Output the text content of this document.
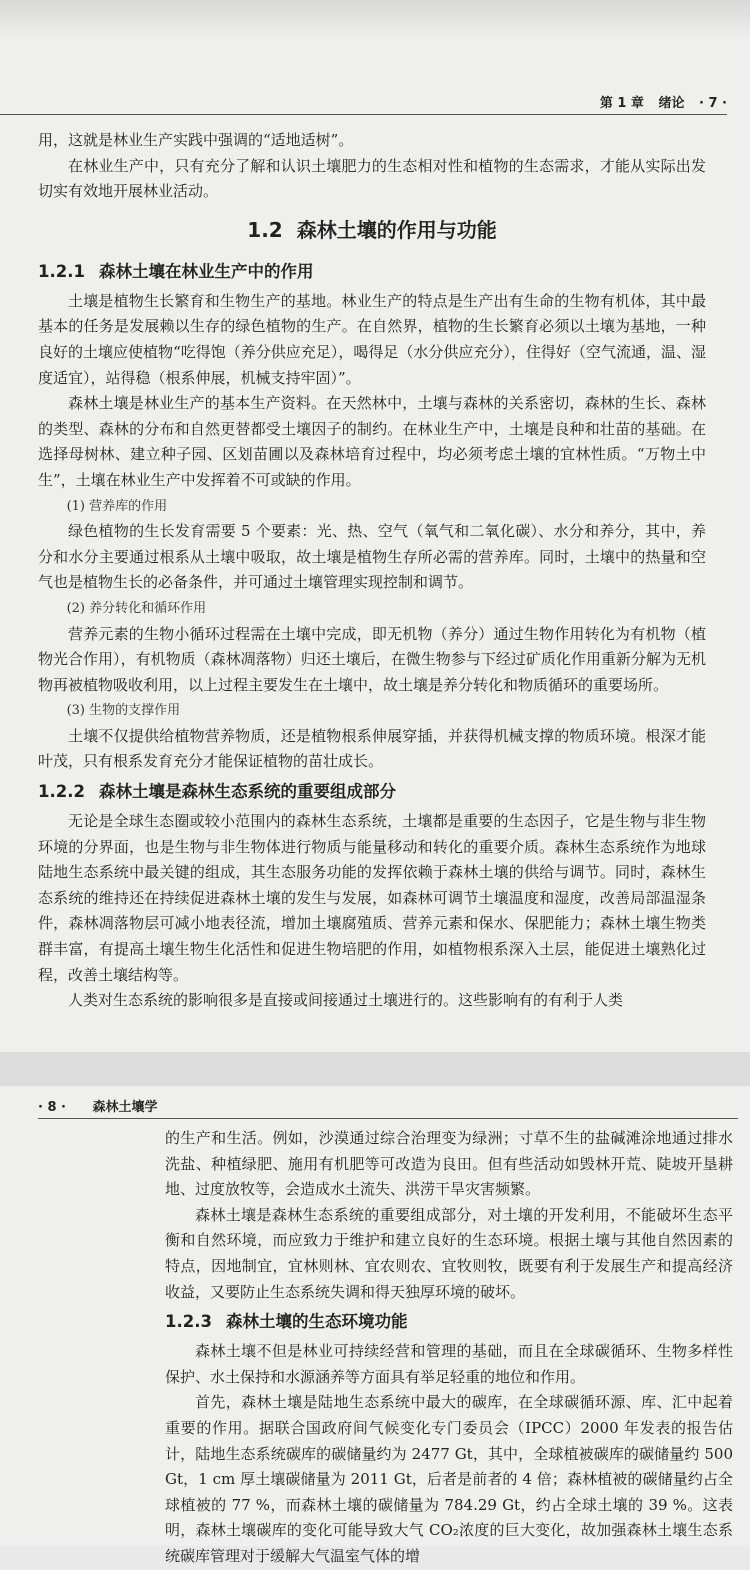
第 1 章 绪论 · 7 ·

用，这就是林业生产实践中强调的“适地适树”。

在林业生产中，只有充分了解和认识土壤肥力的生态相对性和植物的生态需求，才能从实际出发切实有效地开展林业活动。

1.2 森林土壤的作用与功能
1.2.1 森林土壤在林业生产中的作用

土壤是植物生长繁育和生物生产的基地。林业生产的特点是生产出有生命的生物有机体，其中最基本的任务是发展赖以生存的绿色植物的生产。在自然界，植物的生长繁育必须以土壤为基地，一种良好的土壤应使植物“吃得饱（养分供应充足），喝得足（水分供应充分），住得好（空气流通，温、湿度适宜），站得稳（根系伸展，机械支持牢固）”。

森林土壤是林业生产的基本生产资料。在天然林中，土壤与森林的关系密切，森林的生长、森林的类型、森林的分布和自然更替都受土壤因子的制约。在林业生产中，土壤是良种和壮苗的基础。在选择母树林、建立种子园、区划苗圃以及森林培育过程中，均必须考虑土壤的宜林性质。“万物土中生”，土壤在林业生产中发挥着不可或缺的作用。

(1) 营养库的作用

绿色植物的生长发育需要 5 个要素：光、热、空气（氧气和二氧化碳）、水分和养分，其中，养分和水分主要通过根系从土壤中吸取，故土壤是植物生存所必需的营养库。同时，土壤中的热量和空气也是植物生长的必备条件，并可通过土壤管理实现控制和调节。

(2) 养分转化和循环作用

营养元素的生物小循环过程需在土壤中完成，即无机物（养分）通过生物作用转化为有机物（植物光合作用），有机物质（森林凋落物）归还土壤后，在微生物参与下经过矿质化作用重新分解为无机物再被植物吸收利用，以上过程主要发生在土壤中，故土壤是养分转化和物质循环的重要场所。

(3) 生物的支撑作用

土壤不仅提供给植物营养物质，还是植物根系伸展穿插，并获得机械支撑的物质环境。根深才能叶茂，只有根系发育充分才能保证植物的苗壮成长。

1.2.2 森林土壤是森林生态系统的重要组成部分

无论是全球生态圈或较小范围内的森林生态系统，土壤都是重要的生态因子，它是生物与非生物环境的分界面，也是生物与非生物体进行物质与能量移动和转化的重要介质。森林生态系统作为地球陆地生态系统中最关键的组成，其生态服务功能的发挥依赖于森林土壤的供给与调节。同时，森林生态系统的维持还在持续促进森林土壤的发生与发展，如森林可调节土壤温度和湿度，改善局部温湿条件，森林凋落物层可减小地表径流，增加土壤腐殖质、营养元素和保水、保肥能力；森林土壤生物类群丰富，有提高土壤生物生化活性和促进生物培肥的作用，如植物根系深入土层，能促进土壤熟化过程，改善土壤结构等。

人类对生态系统的影响很多是直接或间接通过土壤进行的。这些影响有的有利于人类

· 8 · 森林土壤学

的生产和生活。例如，沙漠通过综合治理变为绿洲；寸草不生的盐碱滩涂地通过排水洗盐、种植绿肥、施用有机肥等可改造为良田。但有些活动如毁林开荒、陡坡开垦耕地、过度放牧等，会造成水土流失、洪涝干旱灾害频繁。

森林土壤是森林生态系统的重要组成部分，对土壤的开发利用，不能破坏生态平衡和自然环境，而应致力于维护和建立良好的生态环境。根据土壤与其他自然因素的特点，因地制宜，宜林则林、宜农则农、宜牧则牧，既要有利于发展生产和提高经济收益，又要防止生态系统失调和得天独厚环境的破坏。

1.2.3 森林土壤的生态环境功能

森林土壤不但是林业可持续经营和管理的基础，而且在全球碳循环、生物多样性保护、水土保持和水源涵养等方面具有举足轻重的地位和作用。

首先，森林土壤是陆地生态系统中最大的碳库，在全球碳循环源、库、汇中起着重要的作用。据联合国政府间气候变化专门委员会（IPCC）2000 年发表的报告估计，陆地生态系统碳库的碳储量约为 2477 Gt，其中，全球植被碳库的碳储量约 500 Gt，1 cm 厚土壤碳储量为 2011 Gt，后者是前者的 4 倍；森林植被的碳储量约占全球植被的 77 %，而森林土壤的碳储量为 784.29 Gt，约占全球土壤的 39 %。这表明，森林土壤碳库的变化可能导致大气 CO₂浓度的巨大变化，故加强森林土壤生态系统碳库管理对于缓解大气温室气体的增
